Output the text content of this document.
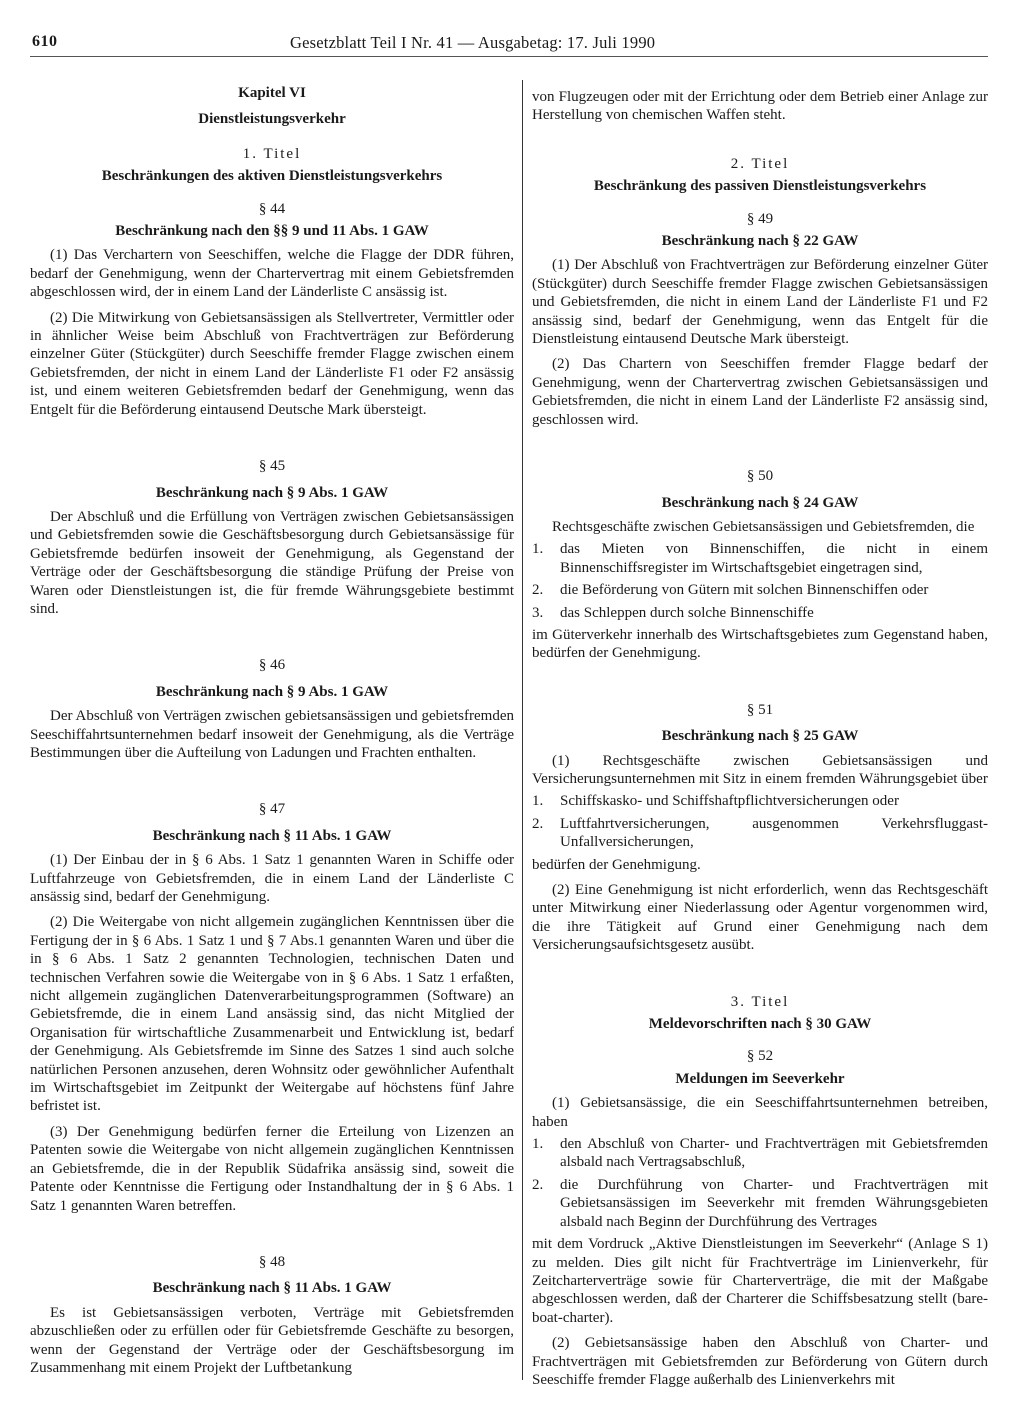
610	Gesetzblatt Teil I Nr. 41 — Ausgabetag: 17. Juli 1990
Kapitel VI
Dienstleistungsverkehr
1. Titel
Beschränkungen des aktiven Dienstleistungsverkehrs
§ 44
Beschränkung nach den §§ 9 und 11 Abs. 1 GAW

(1) Das Verchartern von Seeschiffen, welche die Flagge der DDR führen, bedarf der Genehmigung, wenn der Chartervertrag mit einem Gebietsfremden abgeschlossen wird, der in einem Land der Länderliste C ansässig ist.

(2) Die Mitwirkung von Gebietsansässigen als Stellvertreter, Vermittler oder in ähnlicher Weise beim Abschluß von Frachtverträgen zur Beförderung einzelner Güter (Stückgüter) durch Seeschiffe fremder Flagge zwischen einem Gebietsfremden, der nicht in einem Land der Länderliste F1 oder F2 ansässig ist, und einem weiteren Gebietsfremden bedarf der Genehmigung, wenn das Entgelt für die Beförderung eintausend Deutsche Mark übersteigt.

§ 45
Beschränkung nach § 9 Abs. 1 GAW

Der Abschluß und die Erfüllung von Verträgen zwischen Gebietsansässigen und Gebietsfremden sowie die Geschäftsbesorgung durch Gebietsansässige für Gebietsfremde bedürfen insoweit der Genehmigung, als Gegenstand der Verträge oder der Geschäftsbesorgung die ständige Prüfung der Preise von Waren oder Dienstleistungen ist, die für fremde Währungsgebiete bestimmt sind.

§ 46
Beschränkung nach § 9 Abs. 1 GAW

Der Abschluß von Verträgen zwischen gebietsansässigen und gebietsfremden Seeschiffahrtsunternehmen bedarf insoweit der Genehmigung, als die Verträge Bestimmungen über die Aufteilung von Ladungen und Frachten enthalten.

§ 47
Beschränkung nach § 11 Abs. 1 GAW

(1) Der Einbau der in § 6 Abs. 1 Satz 1 genannten Waren in Schiffe oder Luftfahrzeuge von Gebietsfremden, die in einem Land der Länderliste C ansässig sind, bedarf der Genehmigung.

(2) Die Weitergabe von nicht allgemein zugänglichen Kenntnissen über die Fertigung der in § 6 Abs. 1 Satz 1 und § 7 Abs.1 genannten Waren und über die in § 6 Abs. 1 Satz 2 genannten Technologien, technischen Daten und technischen Verfahren sowie die Weitergabe von in § 6 Abs. 1 Satz 1 erfaßten, nicht allgemein zugänglichen Datenverarbeitungsprogrammen (Software) an Gebietsfremde, die in einem Land ansässig sind, das nicht Mitglied der Organisation für wirtschaftliche Zusammenarbeit und Entwicklung ist, bedarf der Genehmigung. Als Gebietsfremde im Sinne des Satzes 1 sind auch solche natürlichen Personen anzusehen, deren Wohnsitz oder gewöhnlicher Aufenthalt im Wirtschaftsgebiet im Zeitpunkt der Weitergabe auf höchstens fünf Jahre befristet ist.

(3) Der Genehmigung bedürfen ferner die Erteilung von Lizenzen an Patenten sowie die Weitergabe von nicht allgemein zugänglichen Kenntnissen an Gebietsfremde, die in der Republik Südafrika ansässig sind, soweit die Patente oder Kenntnisse die Fertigung oder Instandhaltung der in § 6 Abs. 1 Satz 1 genannten Waren betreffen.

§ 48
Beschränkung nach § 11 Abs. 1 GAW

Es ist Gebietsansässigen verboten, Verträge mit Gebietsfremden abzuschließen oder zu erfüllen oder für Gebietsfremde Geschäfte zu besorgen, wenn der Gegenstand der Verträge oder der Geschäftsbesorgung im Zusammenhang mit einem Projekt der Luftbetankung

von Flugzeugen oder mit der Errichtung oder dem Betrieb einer Anlage zur Herstellung von chemischen Waffen steht.

2. Titel
Beschränkung des passiven Dienstleistungsverkehrs
§ 49
Beschränkung nach § 22 GAW

(1) Der Abschluß von Frachtverträgen zur Beförderung einzelner Güter (Stückgüter) durch Seeschiffe fremder Flagge zwischen Gebietsansässigen und Gebietsfremden, die nicht in einem Land der Länderliste F1 und F2 ansässig sind, bedarf der Genehmigung, wenn das Entgelt für die Dienstleistung eintausend Deutsche Mark übersteigt.

(2) Das Chartern von Seeschiffen fremder Flagge bedarf der Genehmigung, wenn der Chartervertrag zwischen Gebietsansässigen und Gebietsfremden, die nicht in einem Land der Länderliste F2 ansässig sind, geschlossen wird.

§ 50
Beschränkung nach § 24 GAW

Rechtsgeschäfte zwischen Gebietsansässigen und Gebietsfremden, die

1.	das Mieten von Binnenschiffen, die nicht in einem Binnenschiffsregister im Wirtschaftsgebiet eingetragen sind,
2.	die Beförderung von Gütern mit solchen Binnenschiffen oder
3.	das Schleppen durch solche Binnenschiffe

im Güterverkehr innerhalb des Wirtschaftsgebietes zum Gegenstand haben, bedürfen der Genehmigung.

§ 51
Beschränkung nach § 25 GAW

(1) Rechtsgeschäfte zwischen Gebietsansässigen und Versicherungsunternehmen mit Sitz in einem fremden Währungsgebiet über

1.	Schiffskasko- und Schiffshaftpflichtversicherungen oder
2.	Luftfahrtversicherungen, ausgenommen Verkehrsfluggast-Unfallversicherungen,

bedürfen der Genehmigung.

(2) Eine Genehmigung ist nicht erforderlich, wenn das Rechtsgeschäft unter Mitwirkung einer Niederlassung oder Agentur vorgenommen wird, die ihre Tätigkeit auf Grund einer Genehmigung nach dem Versicherungsaufsichtsgesetz ausübt.

3. Titel
Meldevorschriften nach § 30 GAW
§ 52
Meldungen im Seeverkehr

(1) Gebietsansässige, die ein Seeschiffahrtsunternehmen betreiben, haben

1.	den Abschluß von Charter- und Frachtverträgen mit Gebietsfremden alsbald nach Vertragsabschluß,
2.	die Durchführung von Charter- und Frachtverträgen mit Gebietsansässigen im Seeverkehr mit fremden Währungsgebieten alsbald nach Beginn der Durchführung des Vertrages

mit dem Vordruck „Aktive Dienstleistungen im Seeverkehr“ (Anlage S 1) zu melden. Dies gilt nicht für Frachtverträge im Linienverkehr, für Zeitcharterverträge sowie für Charterverträge, die mit der Maßgabe abgeschlossen werden, daß der Charterer die Schiffsbesatzung stellt (bare-boat-charter).

(2) Gebietsansässige haben den Abschluß von Charter- und Frachtverträgen mit Gebietsfremden zur Beförderung von Gütern durch Seeschiffe fremder Flagge außerhalb des Linienverkehrs mit
